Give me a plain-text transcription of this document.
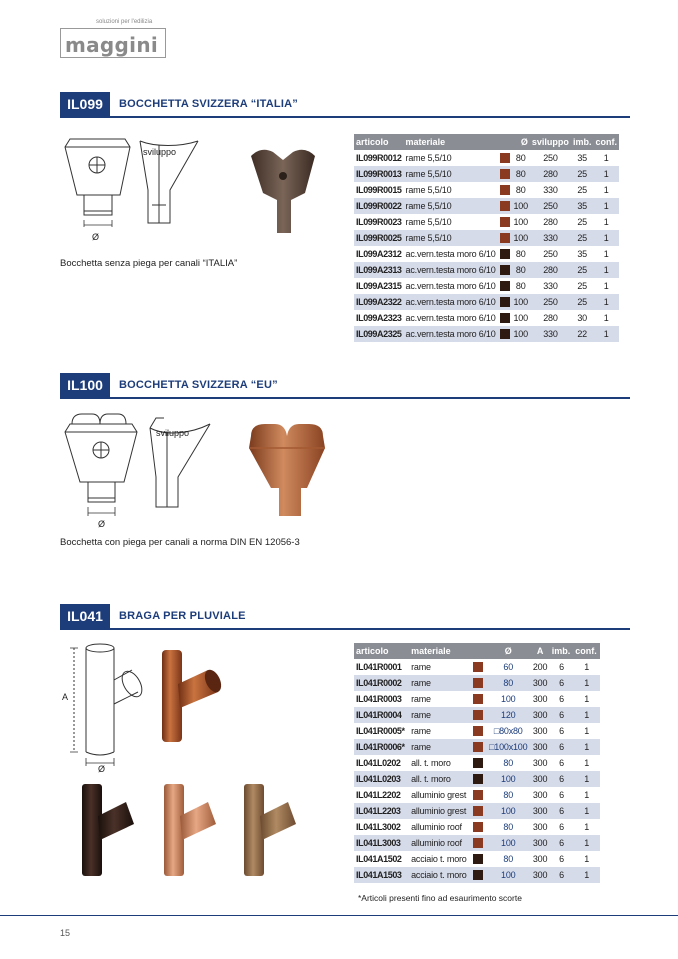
soluzioni per l'edilizia
maggini
IL099	BOCCHETTA SVIZZERA “ITALIA”
sviluppo
Ø
Bocchetta senza piega per canali “ITALIA”
articolo	materiale		Ø	sviluppo	imb.	conf.
IL099R0012	rame 5,5/10		80	250	35	1
IL099R0013	rame 5,5/10		80	280	25	1
IL099R0015	rame 5,5/10		80	330	25	1
IL099R0022	rame 5,5/10		100	250	35	1
IL099R0023	rame 5,5/10		100	280	25	1
IL099R0025	rame 5,5/10		100	330	25	1
IL099A2312	ac.vern.testa moro 6/10		80	250	35	1
IL099A2313	ac.vern.testa moro 6/10		80	280	25	1
IL099A2315	ac.vern.testa moro 6/10		80	330	25	1
IL099A2322	ac.vern.testa moro 6/10		100	250	25	1
IL099A2323	ac.vern.testa moro 6/10		100	280	30	1
IL099A2325	ac.vern.testa moro 6/10		100	330	22	1
IL100	BOCCHETTA SVIZZERA “EU”
sviluppo
Ø
Bocchetta con piega per canali a norma DIN EN 12056-3
IL041	BRAGA PER PLUVIALE
A
Ø
articolo	materiale		Ø	A	imb.	conf.
IL041R0001	rame		60	200	6	1
IL041R0002	rame		80	300	6	1
IL041R0003	rame		100	300	6	1
IL041R0004	rame		120	300	6	1
IL041R0005*	rame		□80x80	300	6	1
IL041R0006*	rame		□100x100	300	6	1
IL041L0202	all. t. moro		80	300	6	1
IL041L0203	all. t. moro		100	300	6	1
IL041L2202	alluminio grest		80	300	6	1
IL041L2203	alluminio grest		100	300	6	1
IL041L3002	alluminio roof		80	300	6	1
IL041L3003	alluminio roof		100	300	6	1
IL041A1502	acciaio t. moro		80	300	6	1
IL041A1503	acciaio t. moro		100	300	6	1
*Articoli presenti fino ad esaurimento scorte
15
